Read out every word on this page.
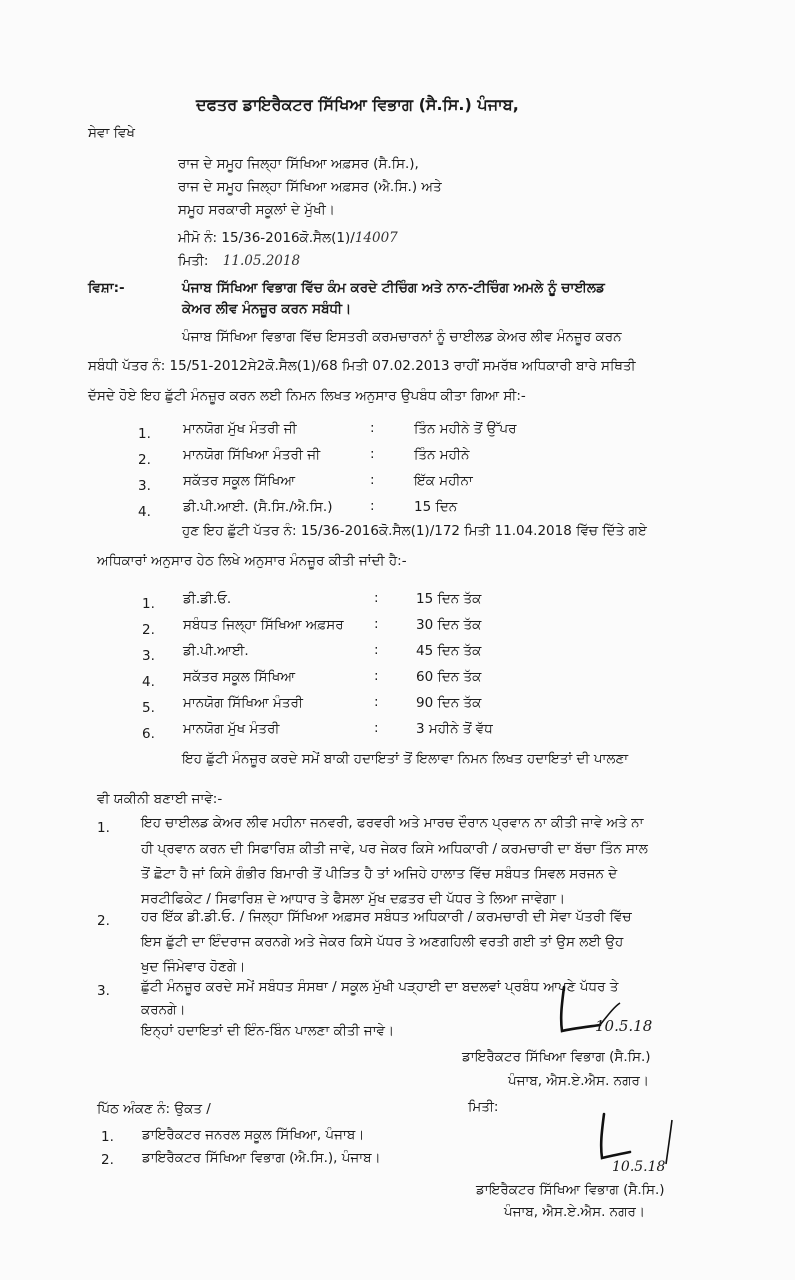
ਦਫਤਰ ਡਾਇਰੈਕਟਰ ਸਿੱਖਿਆ ਵਿਭਾਗ (ਸੈ.ਸਿ.) ਪੰਜਾਬ,
ਸੇਵਾ ਵਿਖੇ
ਰਾਜ ਦੇ ਸਮੂਹ ਜਿਲ੍ਹਾ ਸਿੱਖਿਆ ਅਫ਼ਸਰ (ਸੈ.ਸਿ.),
ਰਾਜ ਦੇ ਸਮੂਹ ਜਿਲ੍ਹਾ ਸਿੱਖਿਆ ਅਫ਼ਸਰ (ਐ.ਸਿ.) ਅਤੇ
ਸਮੂਹ ਸਰਕਾਰੀ ਸਕੂਲਾਂ ਦੇ ਮੁੱਖੀ।
ਮੀਮੋ ਨੰ: 15/36-2016ਕੋ.ਸੈਲ(1)/14007
ਮਿਤੀ: 11.05.2018
ਵਿਸ਼ਾ:-	ਪੰਜਾਬ ਸਿੱਖਿਆ ਵਿਭਾਗ ਵਿੱਚ ਕੰਮ ਕਰਦੇ ਟੀਚਿੰਗ ਅਤੇ ਨਾਨ-ਟੀਚਿੰਗ ਅਮਲੇ ਨੂੰ ਚਾਈਲਡ
ਕੇਅਰ ਲੀਵ ਮੰਨਜ਼ੂਰ ਕਰਨ ਸਬੰਧੀ।
ਪੰਜਾਬ ਸਿੱਖਿਆ ਵਿਭਾਗ ਵਿੱਚ ਇਸਤਰੀ ਕਰਮਚਾਰਨਾਂ ਨੂੰ ਚਾਈਲਡ ਕੇਅਰ ਲੀਵ ਮੰਨਜ਼ੂਰ ਕਰਨ
ਸਬੰਧੀ ਪੱਤਰ ਨੰ: 15/51-2012ਸੇ2ਕੋ.ਸੈਲ(1)/68 ਮਿਤੀ 07.02.2013 ਰਾਹੀਂ ਸਮਰੱਥ ਅਧਿਕਾਰੀ ਬਾਰੇ ਸਥਿਤੀ
ਦੱਸਦੇ ਹੋਏ ਇਹ ਛੁੱਟੀ ਮੰਨਜ਼ੂਰ ਕਰਨ ਲਈ ਨਿਮਨ ਲਿਖਤ ਅਨੁਸਾਰ ਉਪਬੰਧ ਕੀਤਾ ਗਿਆ ਸੀ:-
1. ਮਾਨਯੋਗ ਮੁੱਖ ਮੰਤਰੀ ਜੀ	:	ਤਿੰਨ ਮਹੀਨੇ ਤੋਂ ਉੱਪਰ
2. ਮਾਨਯੋਗ ਸਿੱਖਿਆ ਮੰਤਰੀ ਜੀ	:	ਤਿੰਨ ਮਹੀਨੇ
3. ਸਕੱਤਰ ਸਕੂਲ ਸਿੱਖਿਆ	:	ਇੱਕ ਮਹੀਨਾ
4. ਡੀ.ਪੀ.ਆਈ. (ਸੈ.ਸਿ./ਐ.ਸਿ.)	:	15 ਦਿਨ
ਹੁਣ ਇਹ ਛੁੱਟੀ ਪੱਤਰ ਨੰ: 15/36-2016ਕੋ.ਸੈਲ(1)/172 ਮਿਤੀ 11.04.2018 ਵਿੱਚ ਦਿੱਤੇ ਗਏ
ਅਧਿਕਾਰਾਂ ਅਨੁਸਾਰ ਹੇਠ ਲਿਖੇ ਅਨੁਸਾਰ ਮੰਨਜ਼ੂਰ ਕੀਤੀ ਜਾਂਦੀ ਹੈ:-
1. ਡੀ.ਡੀ.ਓ.	:	15 ਦਿਨ ਤੱਕ
2. ਸਬੰਧਤ ਜਿਲ੍ਹਾ ਸਿੱਖਿਆ ਅਫ਼ਸਰ :	30 ਦਿਨ ਤੱਕ
3. ਡੀ.ਪੀ.ਆਈ.	:	45 ਦਿਨ ਤੱਕ
4. ਸਕੱਤਰ ਸਕੂਲ ਸਿੱਖਿਆ	:	60 ਦਿਨ ਤੱਕ
5. ਮਾਨਯੋਗ ਸਿੱਖਿਆ ਮੰਤਰੀ	:	90 ਦਿਨ ਤੱਕ
6. ਮਾਨਯੋਗ ਮੁੱਖ ਮੰਤਰੀ	:	3 ਮਹੀਨੇ ਤੋਂ ਵੱਧ
ਇਹ ਛੁੱਟੀ ਮੰਨਜ਼ੂਰ ਕਰਦੇ ਸਮੇਂ ਬਾਕੀ ਹਦਾਇਤਾਂ ਤੋਂ ਇਲਾਵਾ ਨਿਮਨ ਲਿਖਤ ਹਦਾਇਤਾਂ ਦੀ ਪਾਲਣਾ
ਵੀ ਯਕੀਨੀ ਬਣਾਈ ਜਾਵੇ:-
1. ਇਹ ਚਾਈਲਡ ਕੇਅਰ ਲੀਵ ਮਹੀਨਾ ਜਨਵਰੀ, ਫਰਵਰੀ ਅਤੇ ਮਾਰਚ ਦੌਰਾਨ ਪ੍ਰਵਾਨ ਨਾ ਕੀਤੀ ਜਾਵੇ ਅਤੇ ਨਾ
ਹੀ ਪ੍ਰਵਾਨ ਕਰਨ ਦੀ ਸਿਫਾਰਿਸ਼ ਕੀਤੀ ਜਾਵੇ, ਪਰ ਜੇਕਰ ਕਿਸੇ ਅਧਿਕਾਰੀ / ਕਰਮਚਾਰੀ ਦਾ ਬੱਚਾ ਤਿੰਨ ਸਾਲ
ਤੋਂ ਛੋਟਾ ਹੈ ਜਾਂ ਕਿਸੇ ਗੰਭੀਰ ਬਿਮਾਰੀ ਤੋਂ ਪੀੜਿਤ ਹੈ ਤਾਂ ਅਜਿਹੇ ਹਾਲਾਤ ਵਿੱਚ ਸਬੰਧਤ ਸਿਵਲ ਸਰਜਨ ਦੇ
ਸਰਟੀਫਿਕੇਟ / ਸਿਫਾਰਿਸ਼ ਦੇ ਆਧਾਰ ਤੇ ਫੈਸਲਾ ਮੁੱਖ ਦਫ਼ਤਰ ਦੀ ਪੱਧਰ ਤੇ ਲਿਆ ਜਾਵੇਗਾ।
2. ਹਰ ਇੱਕ ਡੀ.ਡੀ.ਓ. / ਜਿਲ੍ਹਾ ਸਿੱਖਿਆ ਅਫ਼ਸਰ ਸਬੰਧਤ ਅਧਿਕਾਰੀ / ਕਰਮਚਾਰੀ ਦੀ ਸੇਵਾ ਪੱਤਰੀ ਵਿੱਚ
ਇਸ ਛੁੱਟੀ ਦਾ ਇੰਦਰਾਜ ਕਰਨਗੇ ਅਤੇ ਜੇਕਰ ਕਿਸੇ ਪੱਧਰ ਤੇ ਅਣਗਹਿਲੀ ਵਰਤੀ ਗਈ ਤਾਂ ਉਸ ਲਈ ਉਹ
ਖੁਦ ਜਿੰਮੇਵਾਰ ਹੋਣਗੇ।
3. ਛੁੱਟੀ ਮੰਨਜ਼ੂਰ ਕਰਦੇ ਸਮੇਂ ਸਬੰਧਤ ਸੰਸਥਾ / ਸਕੂਲ ਮੁੱਖੀ ਪੜ੍ਹਾਈ ਦਾ ਬਦਲਵਾਂ ਪ੍ਰਬੰਧ ਆਪਣੇ ਪੱਧਰ ਤੇ
ਕਰਨਗੇ।
ਇਨ੍ਹਾਂ ਹਦਾਇਤਾਂ ਦੀ ਇੰਨ-ਬਿੰਨ ਪਾਲਣਾ ਕੀਤੀ ਜਾਵੇ।	10.5.18
ਡਾਇਰੈਕਟਰ ਸਿੱਖਿਆ ਵਿਭਾਗ (ਸੈ.ਸਿ.)
ਪੰਜਾਬ, ਐਸ.ਏ.ਐਸ. ਨਗਰ।
ਪਿੱਠ ਅੰਕਣ ਨੰ: ਉਕਤ /	ਮਿਤੀ:
1. ਡਾਇਰੈਕਟਰ ਜਨਰਲ ਸਕੂਲ ਸਿੱਖਿਆ, ਪੰਜਾਬ।
2. ਡਾਇਰੈਕਟਰ ਸਿੱਖਿਆ ਵਿਭਾਗ (ਐ.ਸਿ.), ਪੰਜਾਬ।
10.5.18
ਡਾਇਰੈਕਟਰ ਸਿੱਖਿਆ ਵਿਭਾਗ (ਸੈ.ਸਿ.)
ਪੰਜਾਬ, ਐਸ.ਏ.ਐਸ. ਨਗਰ।
